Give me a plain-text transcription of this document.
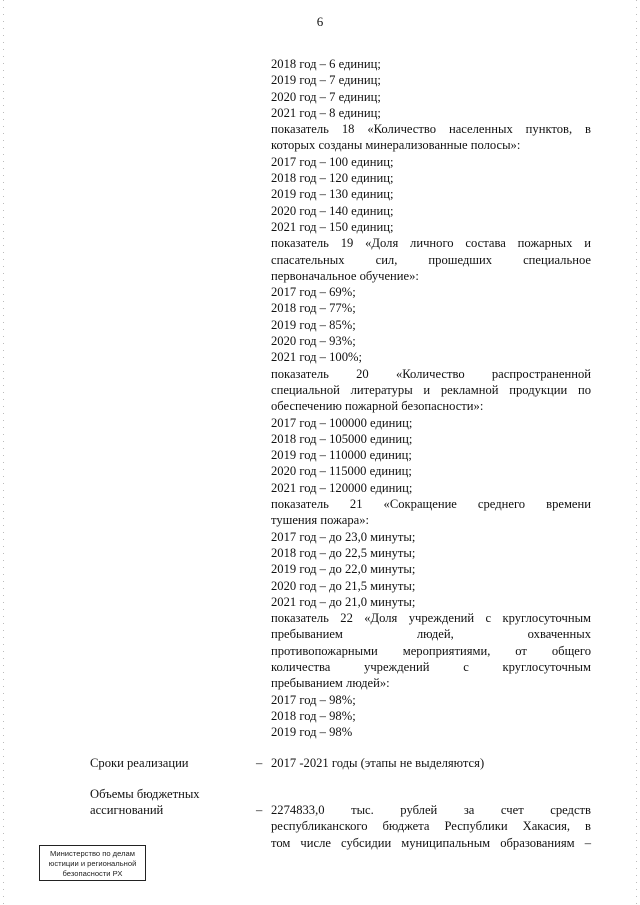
6
2018 год – 6 единиц;
2019 год – 7 единиц;
2020 год – 7 единиц;
2021 год – 8 единиц;
показатель 18 «Количество населенных пунктов, в
которых созданы минерализованные полосы»:
2017 год – 100 единиц;
2018 год – 120 единиц;
2019 год – 130 единиц;
2020 год – 140 единиц;
2021 год – 150 единиц;
показатель 19 «Доля личного состава пожарных и
спасательных сил, прошедших специальное
первоначальное обучение»:
2017 год – 69%;
2018 год – 77%;
2019 год – 85%;
2020 год – 93%;
2021 год – 100%;
показатель 20 «Количество распространенной
специальной литературы и рекламной продукции по
обеспечению пожарной безопасности»:
2017 год – 100000 единиц;
2018 год – 105000 единиц;
2019 год – 110000 единиц;
2020 год – 115000 единиц;
2021 год – 120000 единиц;
показатель 21 «Сокращение среднего времени
тушения пожара»:
2017 год – до 23,0 минуты;
2018 год – до 22,5 минуты;
2019 год – до 22,0 минуты;
2020 год – до 21,5 минуты;
2021 год – до 21,0 минуты;
показатель 22 «Доля учреждений с круглосуточным
пребыванием людей, охваченных
противопожарными мероприятиями, от общего
количества учреждений с круглосуточным
пребыванием людей»:
2017 год – 98%;
2018 год – 98%;
2019 год – 98%
Сроки реализации	– 2017 -2021 годы (этапы не выделяются)
Объемы бюджетных
ассигнований	– 2274833,0 тыс. рублей за счет средств
республиканского бюджета Республики Хакасия, в
том числе субсидии муниципальным образованиям –
Министерство по делам
юстиции и региональной
безопасности РХ
